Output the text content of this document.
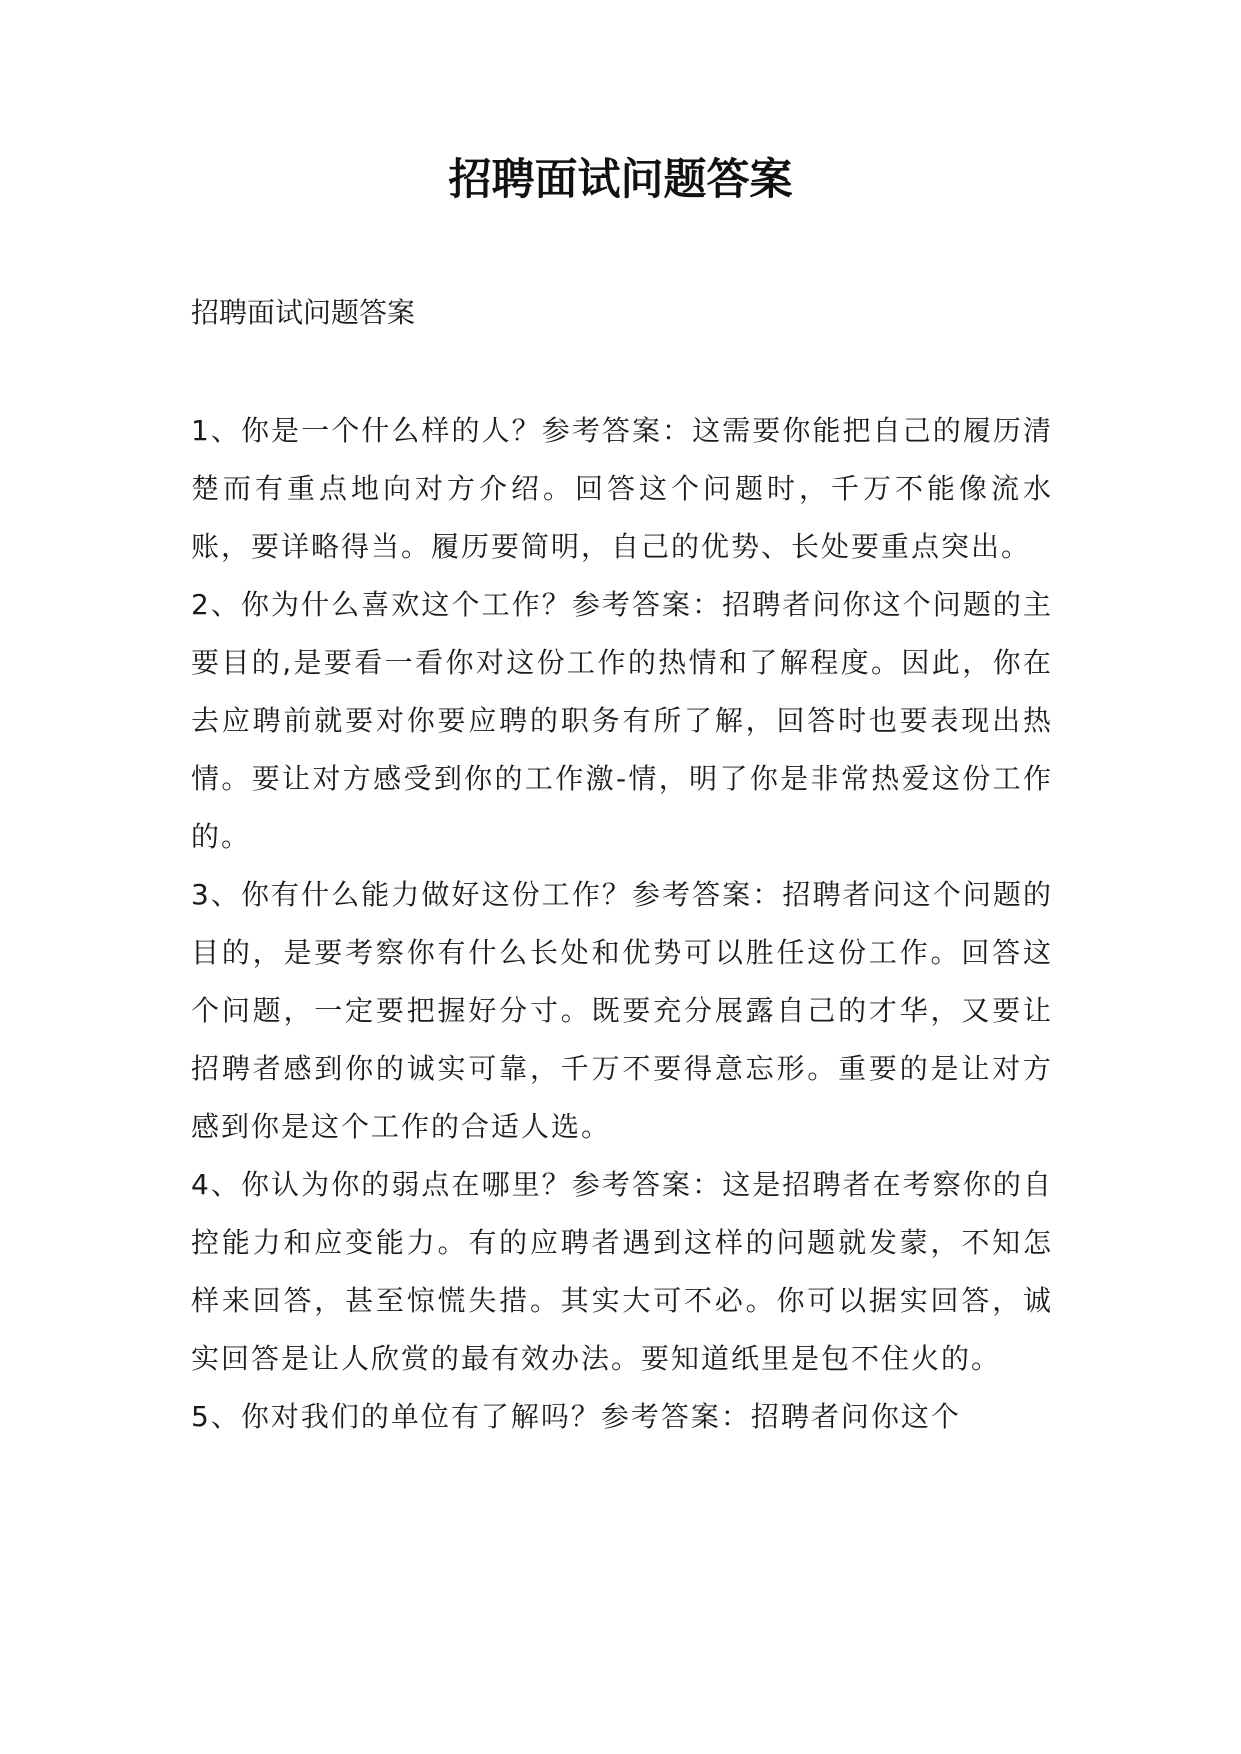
招聘面试问题答案

招聘面试问题答案

1、你是一个什么样的人？参考答案：这需要你能把自己的履历清楚而有重点地向对方介绍。回答这个问题时，千万不能像流水账，要详略得当。履历要简明，自己的优势、长处要重点突出。

2、你为什么喜欢这个工作？参考答案：招聘者问你这个问题的主要目的,是要看一看你对这份工作的热情和了解程度。因此，你在去应聘前就要对你要应聘的职务有所了解，回答时也要表现出热情。要让对方感受到你的工作激-情，明了你是非常热爱这份工作的。

3、你有什么能力做好这份工作？参考答案：招聘者问这个问题的目的，是要考察你有什么长处和优势可以胜任这份工作。回答这个问题，一定要把握好分寸。既要充分展露自己的才华，又要让招聘者感到你的诚实可靠，千万不要得意忘形。重要的是让对方感到你是这个工作的合适人选。

4、你认为你的弱点在哪里？参考答案：这是招聘者在考察你的自控能力和应变能力。有的应聘者遇到这样的问题就发蒙，不知怎样来回答，甚至惊慌失措。其实大可不必。你可以据实回答，诚实回答是让人欣赏的最有效办法。要知道纸里是包不住火的。

5、你对我们的单位有了解吗？参考答案：招聘者问你这个
